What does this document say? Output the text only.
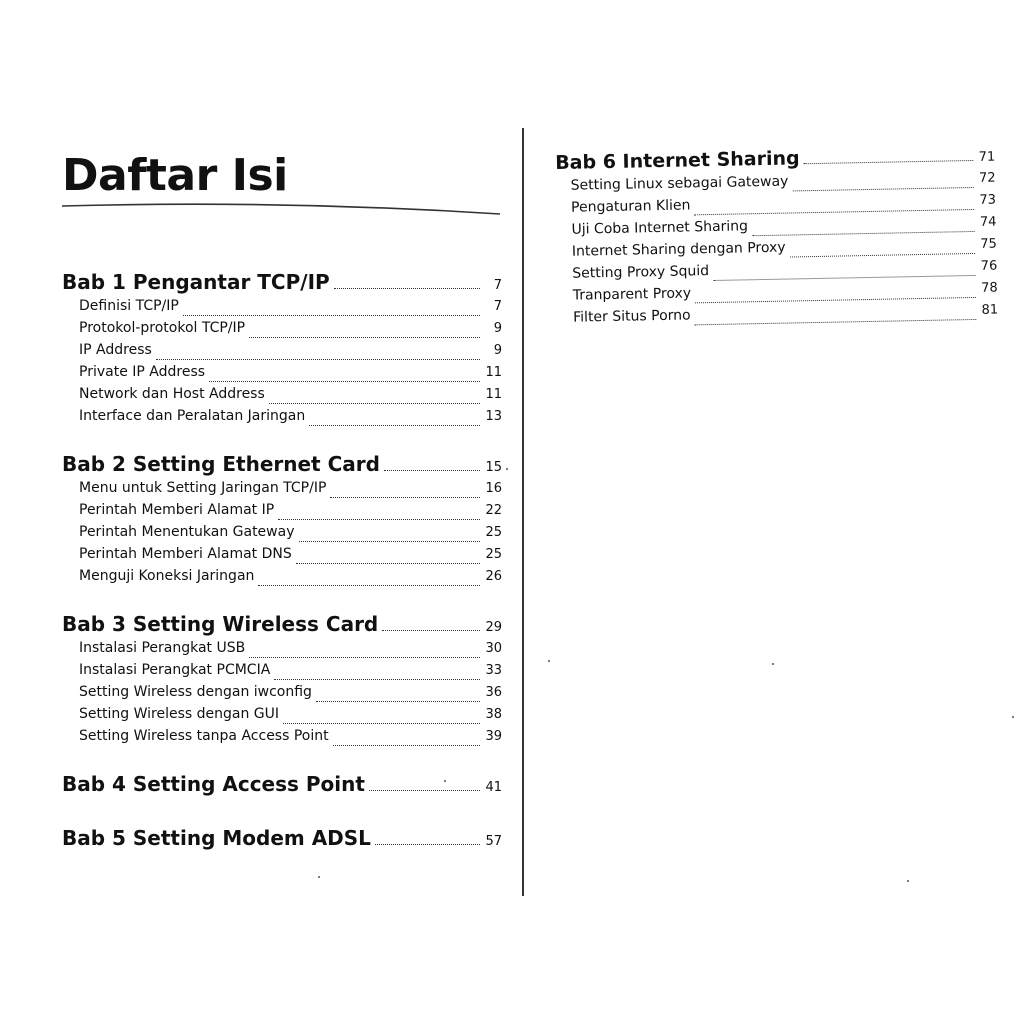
Daftar Isi
Bab 1 Pengantar TCP/IP	7
Definisi TCP/IP	7
Protokol-protokol TCP/IP	9
IP Address	9
Private IP Address	11
Network dan Host Address	11
Interface dan Peralatan Jaringan	13
Bab 2 Setting Ethernet Card	15
Menu untuk Setting Jaringan TCP/IP	16
Perintah Memberi Alamat IP	22
Perintah Menentukan Gateway	25
Perintah Memberi Alamat DNS	25
Menguji Koneksi Jaringan	26
Bab 3 Setting Wireless Card	29
Instalasi Perangkat USB	30
Instalasi Perangkat PCMCIA	33
Setting Wireless dengan iwconfig	36
Setting Wireless dengan GUI	38
Setting Wireless tanpa Access Point	39
Bab 4 Setting Access Point	41
Bab 5 Setting Modem ADSL	57
Bab 6 Internet Sharing	71
Setting Linux sebagai Gateway	72
Pengaturan Klien	73
Uji Coba Internet Sharing	74
Internet Sharing dengan Proxy	75
Setting Proxy Squid	76
Tranparent Proxy	78
Filter Situs Porno	81
